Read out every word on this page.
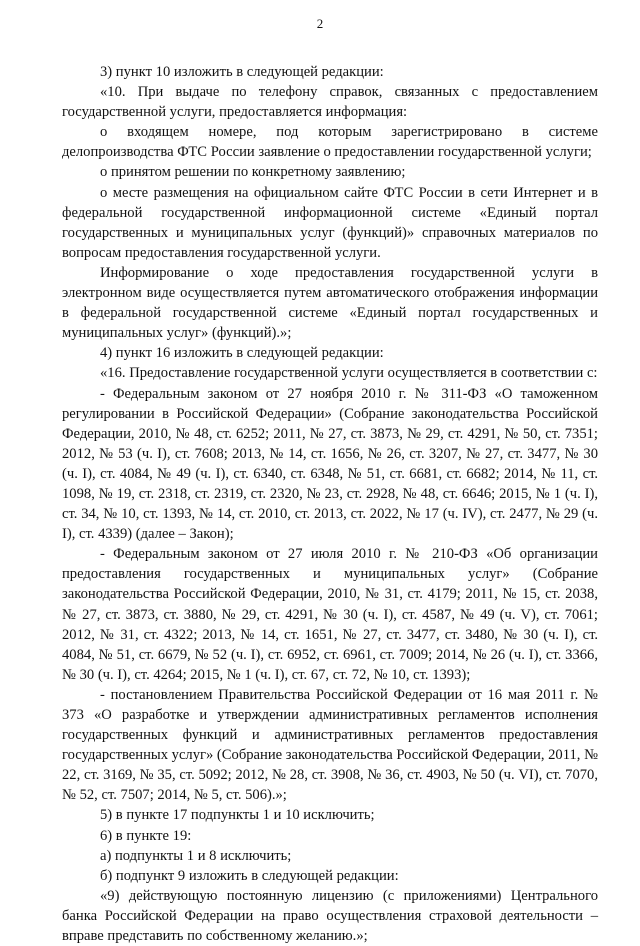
2

3) пункт 10 изложить в следующей редакции:

«10. При выдаче по телефону справок, связанных с предоставлением государственной услуги, предоставляется информация:

о входящем номере, под которым зарегистрировано в системе делопроизводства ФТС России заявление о предоставлении государственной услуги;

о принятом решении по конкретному заявлению;

о месте размещения на официальном сайте ФТС России в сети Интернет и в федеральной государственной информационной системе «Единый портал государственных и муниципальных услуг (функций)» справочных материалов по вопросам предоставления государственной услуги.

Информирование о ходе предоставления государственной услуги в электронном виде осуществляется путем автоматического отображения информации в федеральной государственной системе «Единый портал государственных и муниципальных услуг» (функций).»;

4) пункт 16 изложить в следующей редакции:

«16. Предоставление государственной услуги осуществляется в соответствии с:

- Федеральным законом от 27 ноября 2010 г. № 311-ФЗ «О таможенном регулировании в Российской Федерации» (Собрание законодательства Российской Федерации, 2010, № 48, ст. 6252; 2011, № 27, ст. 3873, № 29, ст. 4291, № 50, ст. 7351; 2012, № 53 (ч. I), ст. 7608; 2013, № 14, ст. 1656, № 26, ст. 3207, № 27, ст. 3477, № 30 (ч. I), ст. 4084, № 49 (ч. I), ст. 6340, ст. 6348, № 51, ст. 6681, ст. 6682; 2014, № 11, ст. 1098, № 19, ст. 2318, ст. 2319, ст. 2320, № 23, ст. 2928, № 48, ст. 6646; 2015, № 1 (ч. I), ст. 34, № 10, ст. 1393, № 14, ст. 2010, ст. 2013, ст. 2022, № 17 (ч. IV), ст. 2477, № 29 (ч. I), ст. 4339) (далее – Закон);

- Федеральным законом от 27 июля 2010 г. № 210-ФЗ «Об организации предоставления государственных и муниципальных услуг» (Собрание законодательства Российской Федерации, 2010, № 31, ст. 4179; 2011, № 15, ст. 2038, № 27, ст. 3873, ст. 3880, № 29, ст. 4291, № 30 (ч. I), ст. 4587, № 49 (ч. V), ст. 7061; 2012, № 31, ст. 4322; 2013, № 14, ст. 1651, № 27, ст. 3477, ст. 3480, № 30 (ч. I), ст. 4084, № 51, ст. 6679, № 52 (ч. I), ст. 6952, ст. 6961, ст. 7009; 2014, № 26 (ч. I), ст. 3366, № 30 (ч. I), ст. 4264; 2015, № 1 (ч. I), ст. 67, ст. 72, № 10, ст. 1393);

- постановлением Правительства Российской Федерации от 16 мая 2011 г. № 373 «О разработке и утверждении административных регламентов исполнения государственных функций и административных регламентов предоставления государственных услуг» (Собрание законодательства Российской Федерации, 2011, № 22, ст. 3169, № 35, ст. 5092; 2012, № 28, ст. 3908, № 36, ст. 4903, № 50 (ч. VI), ст. 7070, № 52, ст. 7507; 2014, № 5, ст. 506).»;

5) в пункте 17 подпункты 1 и 10 исключить;

6) в пункте 19:

а) подпункты 1 и 8 исключить;

б) подпункт 9 изложить в следующей редакции:

«9) действующую постоянную лицензию (с приложениями) Центрального банка Российской Федерации на право осуществления страховой деятельности – вправе представить по собственному желанию.»;
